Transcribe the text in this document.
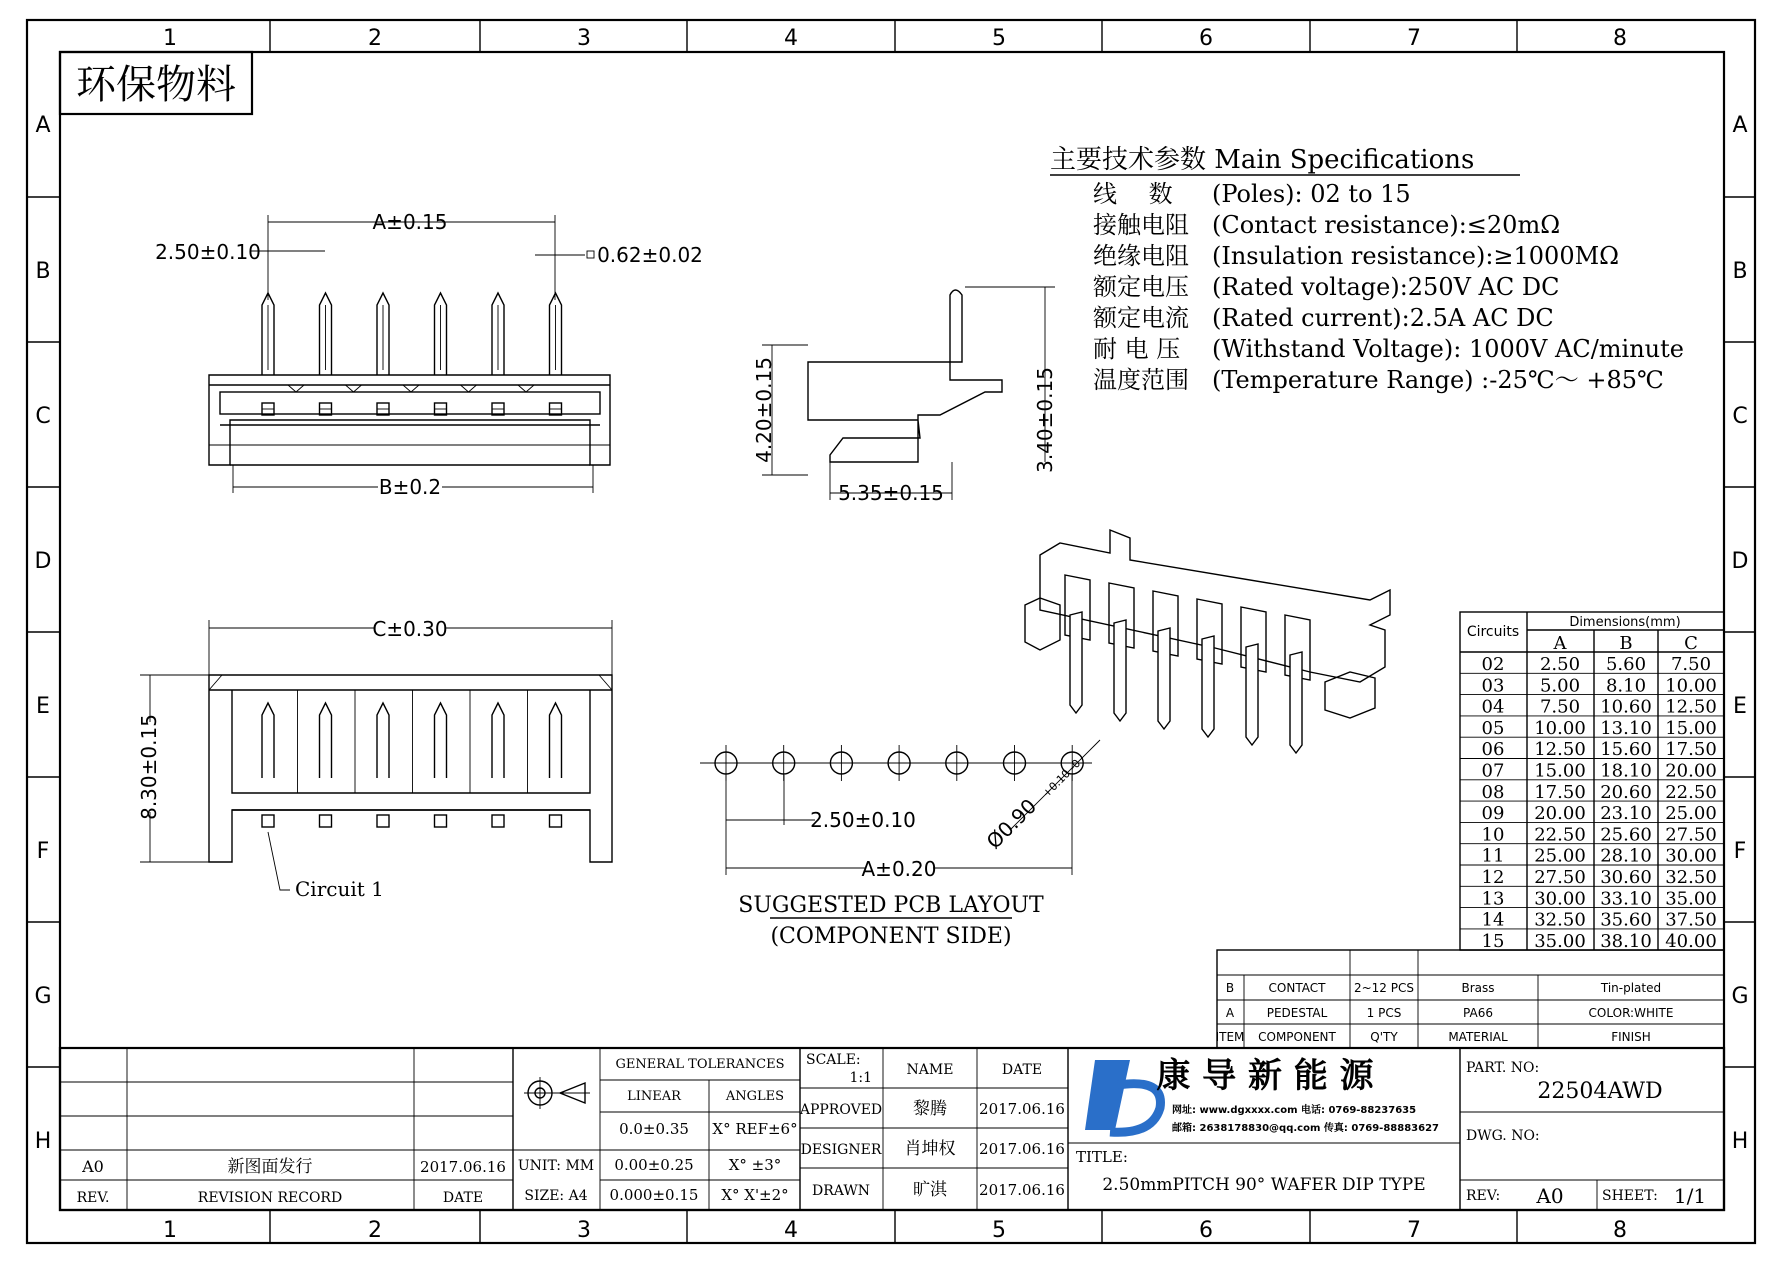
1	2	3	4	5	6	7	8
1	2	3	4	5	6	7	8
A
B
C
D
E
F
G
H
A
B
C
D
E
F
G
H
环保物料
A±0.15
2.50±0.10	0.62±0.02
B±0.2
4.20±0.15	3.40±0.15
5.35±0.15
主要技术参数 Main Specifications
线　 数 (Poles): 02 to 15
接触电阻 (Contact resistance):≤20mΩ
绝缘电阻 (Insulation resistance):≥1000MΩ
额定电压 (Rated voltage):250V AC DC
额定电流 (Rated current):2.5A AC DC
耐 电 压 (Withstand Voltage): 1000V AC/minute
温度范围 (Temperature Range) :-25℃～ +85℃
C±0.30
8.30±0.15
Circuit 1
2.50±0.10
A±0.20
Ø0.90
+0.10 -0
SUGGESTED PCB LAYOUT
(COMPONENT SIDE)
Circuits
Dimensions(mm)
A	B	C
02 2.50 5.60 7.50
03 5.00 8.10 10.00
04 7.50 10.60 12.50
05 10.00 13.10 15.00
06 12.50 15.60 17.50
07 15.00 18.10 20.00
08 17.50 20.60 22.50
09 20.00 23.10 25.00
10 22.50 25.60 27.50
11 25.00 28.10 30.00
12 27.50 30.60 32.50
13 30.00 33.10 35.00
14 32.50 35.60 37.50
15 35.00 38.10 40.00
B	CONTACT 2~12 PCS	Brass	Tin-plated
A	PEDESTAL	1 PCS	PA66	COLOR:WHITE
ITEM COMPONENT	Q'TY	MATERIAL	FINISH
A0	新图面发行	2017.06.16
REV.	REVISION RECORD	DATE
GENERAL TOLERANCES
LINEAR	ANGLES
0.0±0.35 X° REF±6°
0.00±0.25 X° ±3°
0.000±0.15 X° X'±2°
UNIT: MM
SIZE: A4
SCALE:
1:1 NAME	DATE
APPROVED 黎腾 2017.06.16
DESIGNER 肖坤权 2017.06.16
DRAWN	旷淇 2017.06.16
康 导 新 能 源
网址: www.dgxxxx.com 电话: 0769-88237635
邮箱: 2638178830@qq.com 传真: 0769-88883627
TITLE:
2.50mmPITCH 90° WAFER DIP TYPE
PART. NO:
22504AWD
DWG. NO:
REV: A0	SHEET: 1/1
